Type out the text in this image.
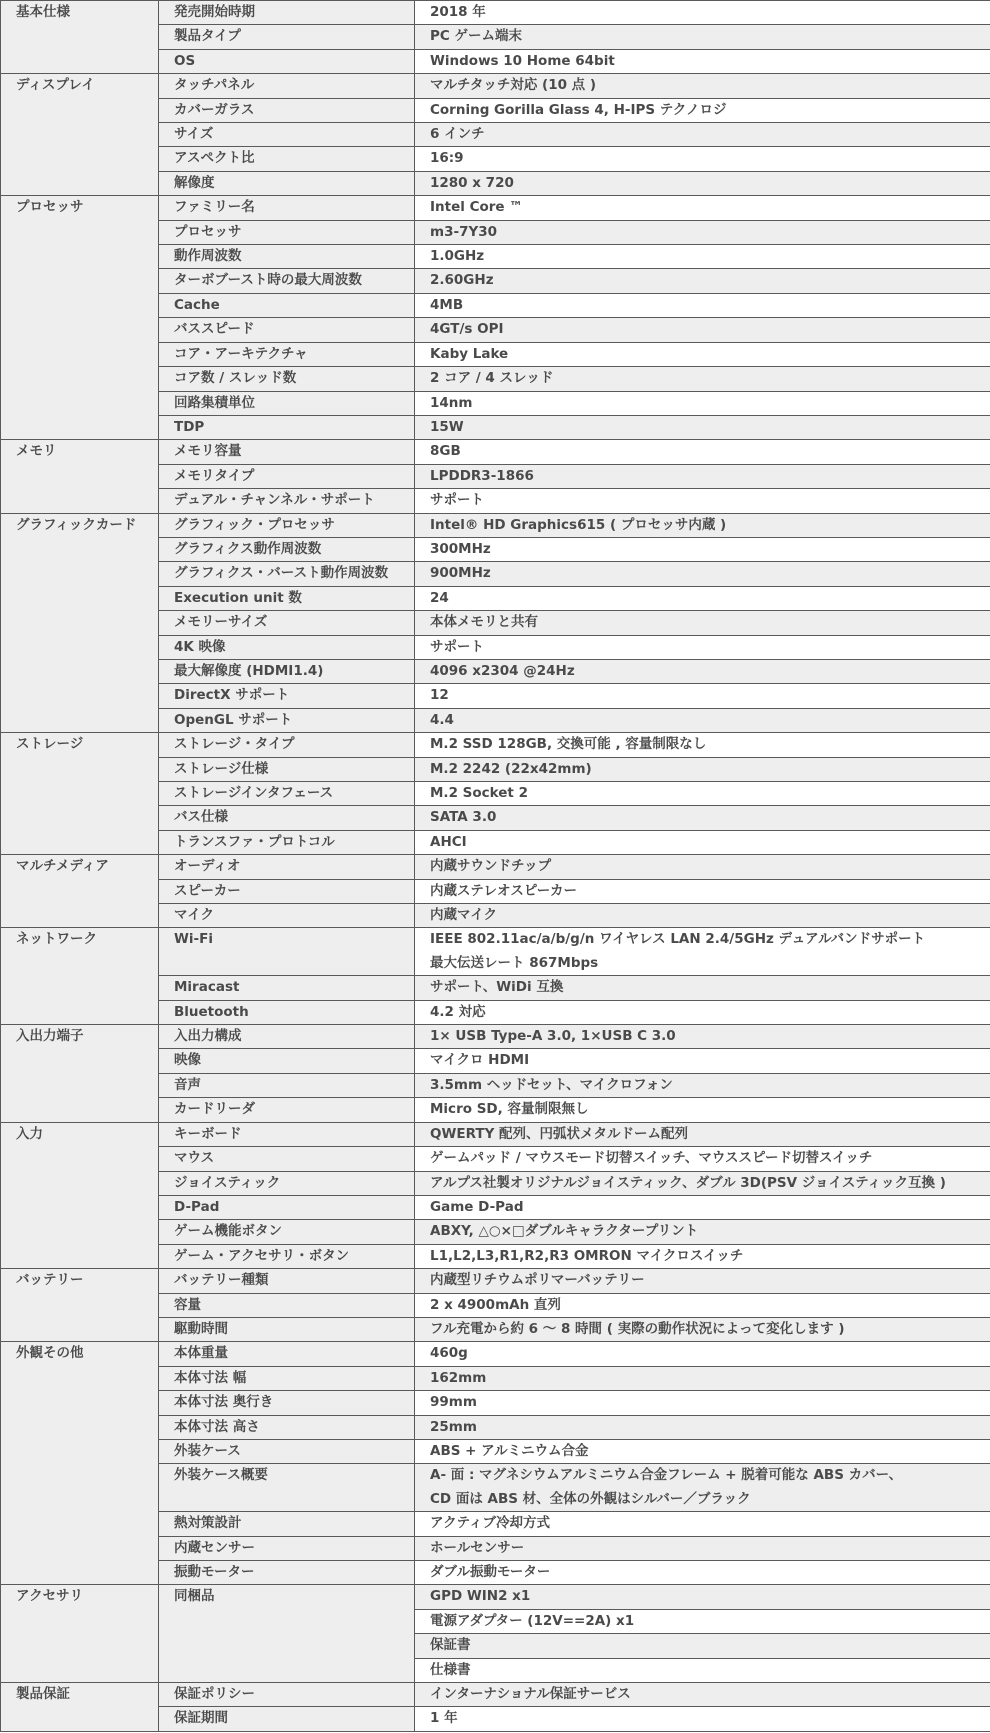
基本仕様	発売開始時期	2018 年

	製品タイプ	PC ゲーム端末

	OS	Windows 10 Home 64bit

ディスプレイ	タッチパネル	マルチタッチ対応 (10 点 )

	カバーガラス	Corning Gorilla Glass 4, H-IPS テクノロジ

	サイズ	6 インチ

	アスペクト比	16:9

	解像度	1280 x 720

プロセッサ	ファミリー名	Intel Core ™

	プロセッサ	m3-7Y30

	動作周波数	1.0GHz

	ターボブースト時の最大周波数	2.60GHz

	Cache	4MB

	バススピード	4GT/s OPI

	コア・アーキテクチャ	Kaby Lake

	コア数 / スレッド数	2 コア / 4 スレッド

	回路集積単位	14nm

	TDP	15W

メモリ	メモリ容量	8GB

	メモリタイプ	LPDDR3-1866

	デュアル・チャンネル・サポート	サポート

グラフィックカード	グラフィック・プロセッサ	Intel® HD Graphics615 ( プロセッサ内蔵 )

	グラフィクス動作周波数	300MHz

	グラフィクス・バースト動作周波数	900MHz

	Execution unit 数	24

	メモリーサイズ	本体メモリと共有

	4K 映像	サポート

	最大解像度 (HDMI1.4)	4096 x2304 @24Hz

	DirectX サポート	12

	OpenGL サポート	4.4

ストレージ	ストレージ・タイプ	M.2 SSD 128GB, 交換可能 , 容量制限なし

	ストレージ仕様	M.2 2242 (22x42mm)

	ストレージインタフェース	M.2 Socket 2

	バス仕様	SATA 3.0

	トランスファ・プロトコル	AHCI

マルチメディア	オーディオ	内蔵サウンドチップ

	スピーカー	内蔵ステレオスピーカー

	マイク	内蔵マイク

ネットワーク	Wi-Fi	IEEE 802.11ac/a/b/g/n ワイヤレス LAN 2.4/5GHz デュアルバンドサポート
最大伝送レート 867Mbps

	Miracast	サポート、WiDi 互換

	Bluetooth	4.2 対応

入出力端子	入出力構成	1× USB Type-A 3.0, 1×USB C 3.0

	映像	マイクロ HDMI

	音声	3.5mm ヘッドセット、マイクロフォン

	カードリーダ	Micro SD, 容量制限無し

入力	キーボード	QWERTY 配列、円弧状メタルドーム配列

	マウス	ゲームパッド / マウスモード切替スイッチ、マウススピード切替スイッチ

	ジョイスティック	アルプス社製オリジナルジョイスティック、ダブル 3D(PSV ジョイスティック互換 )

	D-Pad	Game D-Pad

	ゲーム機能ボタン	ABXY, △○×□ダブルキャラクタープリント

	ゲーム・アクセサリ・ボタン	L1,L2,L3,R1,R2,R3 OMRON マイクロスイッチ

バッテリー	バッテリー種類	内蔵型リチウムポリマーバッテリー

	容量	2 x 4900mAh 直列

	駆動時間	フル充電から約 6 ～ 8 時間 ( 実際の動作状況によって変化します )

外観その他	本体重量	460g

	本体寸法 幅	162mm

	本体寸法 奥行き	99mm

	本体寸法 高さ	25mm

	外装ケース	ABS + アルミニウム合金

	外装ケース概要	A- 面 : マグネシウムアルミニウム合金フレーム + 脱着可能な ABS カバー、
CD 面は ABS 材、全体の外観はシルバー／ブラック

	熱対策設計	アクティブ冷却方式

	内蔵センサー	ホールセンサー

	振動モーター	ダブル振動モーター

アクセサリ	同梱品	GPD WIN2 x1

		電源アダプター (12V==2A) x1
		保証書
		仕様書
製品保証	保証ポリシー	インターナショナル保証サービス

	保証期間	1 年
